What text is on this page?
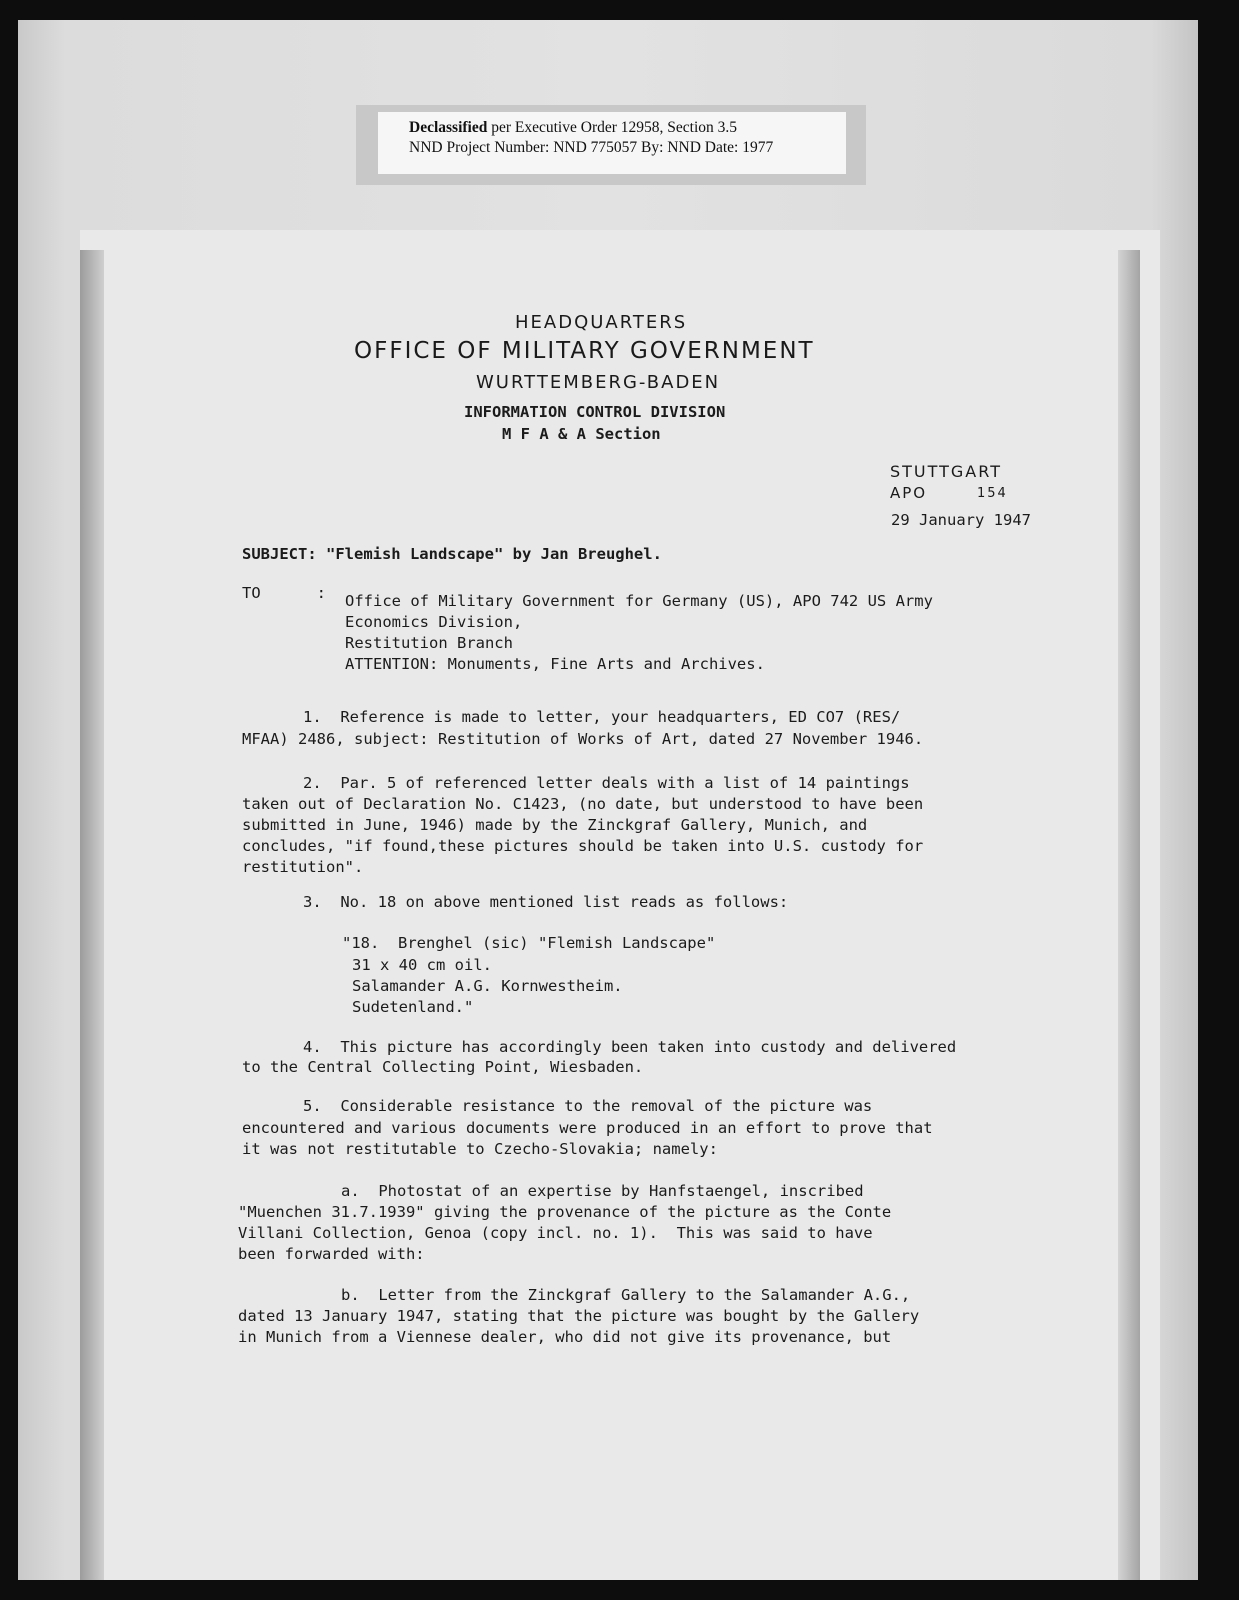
Declassified per Executive Order 12958, Section 3.5
NND Project Number: NND 775057 By: NND Date: 1977
HEADQUARTERS
OFFICE OF MILITARY GOVERNMENT
WURTTEMBERG-BADEN
INFORMATION CONTROL DIVISION
M F A & A Section
STUTTGART
APO	154
29 January 1947
SUBJECT: "Flemish Landscape" by Jan Breughel.
TO      : Office of Military Government for Germany (US), APO 742 US Army
Economics Division,
Restitution Branch
ATTENTION: Monuments, Fine Arts and Archives.
1.  Reference is made to letter, your headquarters, ED CO7 (RES/
MFAA) 2486, subject: Restitution of Works of Art, dated 27 November 1946.
2.  Par. 5 of referenced letter deals with a list of 14 paintings
taken out of Declaration No. C1423, (no date, but understood to have been
submitted in June, 1946) made by the Zinckgraf Gallery, Munich, and
concludes, "if found,these pictures should be taken into U.S. custody for
restitution".
3.  No. 18 on above mentioned list reads as follows:
"18.  Brenghel (sic) "Flemish Landscape"
31 x 40 cm oil.
Salamander A.G. Kornwestheim.
Sudetenland."
4.  This picture has accordingly been taken into custody and delivered
to the Central Collecting Point, Wiesbaden.
5.  Considerable resistance to the removal of the picture was
encountered and various documents were produced in an effort to prove that
it was not restitutable to Czecho-Slovakia; namely:
a.  Photostat of an expertise by Hanfstaengel, inscribed
"Muenchen 31.7.1939" giving the provenance of the picture as the Conte
Villani Collection, Genoa (copy incl. no. 1).  This was said to have
been forwarded with:
b.  Letter from the Zinckgraf Gallery to the Salamander A.G.,
dated 13 January 1947, stating that the picture was bought by the Gallery
in Munich from a Viennese dealer, who did not give its provenance, but
